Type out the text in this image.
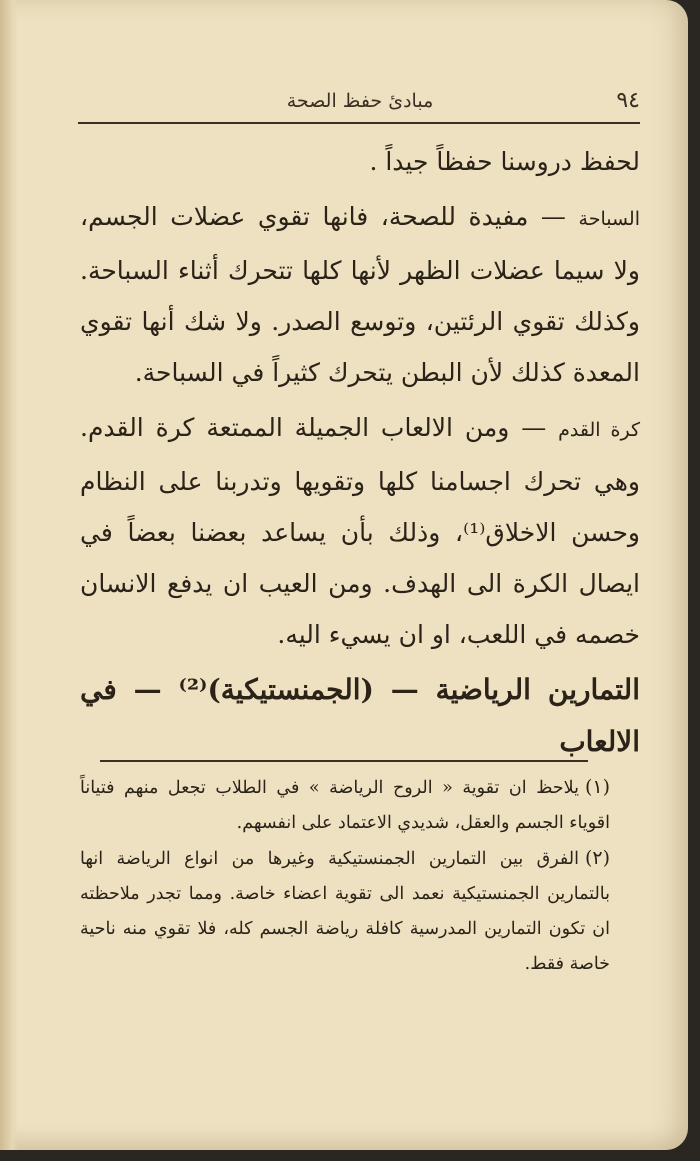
٩٤
مبادئ حفظ الصحة

لحفظ دروسنا حفظاً جيداً .

السباحة — مفيدة للصحة، فانها تقوي عضلات الجسم، ولا سيما عضلات الظهر لأنها كلها تتحرك أثناء السباحة. وكذلك تقوي الرئتين، وتوسع الصدر. ولا شك أنها تقوي المعدة كذلك لأن البطن يتحرك كثيراً في السباحة.

كرة القدم — ومن الالعاب الجميلة الممتعة كرة القدم. وهي تحرك اجسامنا كلها وتقويها وتدربنا على النظام وحسن الاخلاق⁽¹⁾، وذلك بأن يساعد بعضنا بعضاً في ايصال الكرة الى الهدف. ومن العيب ان يدفع الانسان خصمه في اللعب، او ان يسيء اليه.

التمارين الرياضية — (الجمنستيكية)⁽²⁾ — في الالعاب

(١)يلاحظ ان تقوية « الروح الرياضة » في الطلاب تجعل منهم فتياناً اقوياء الجسم والعقل، شديدي الاعتماد على انفسهم.

(٢)الفرق بين التمارين الجمنستيكية وغيرها من انواع الرياضة انها بالتمارين الجمنستيكية نعمد الى تقوية اعضاء خاصة. ومما تجدر ملاحظته ان تكون التمارين المدرسية كافلة رياضة الجسم كله، فلا تقوي منه ناحية خاصة فقط.
